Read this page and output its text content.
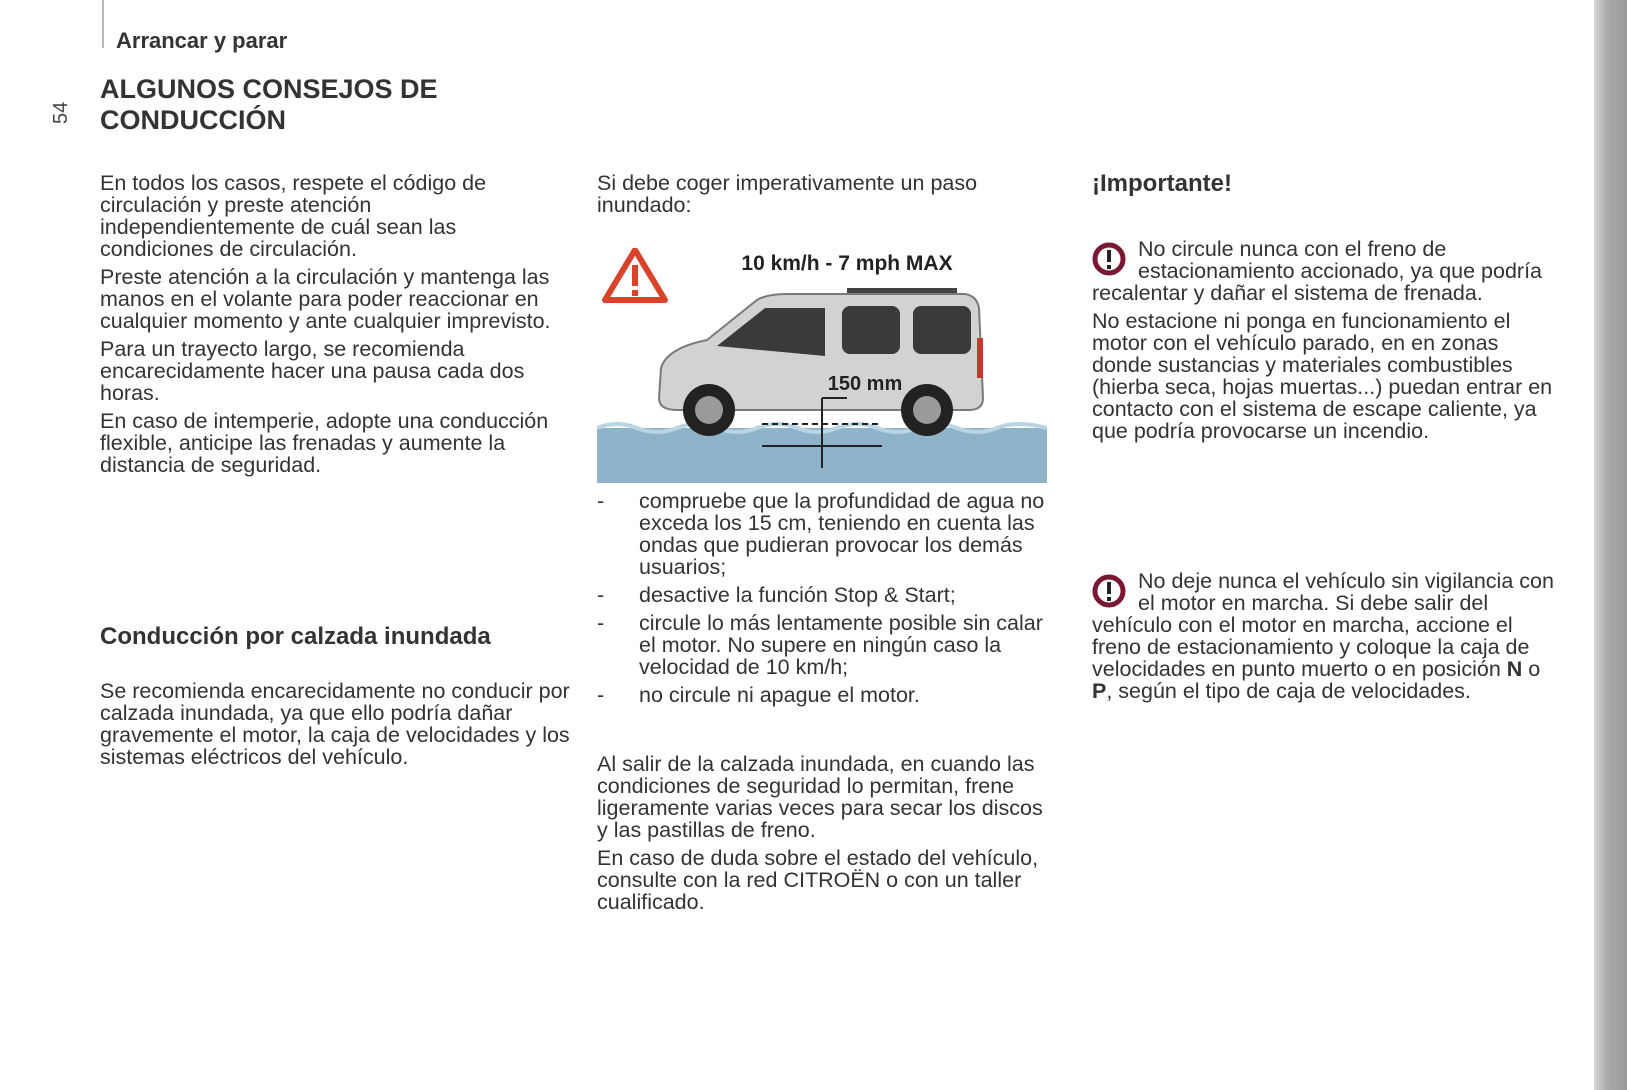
Arrancar y parar
54
ALGUNOS CONSEJOS DE
CONDUCCIÓN

En todos los casos, respete el código de circulación y preste atención independientemente de cuál sean las condiciones de circulación.

Preste atención a la circulación y mantenga las manos en el volante para poder reaccionar en cualquier momento y ante cualquier imprevisto.

Para un trayecto largo, se recomienda encarecidamente hacer una pausa cada dos horas.

En caso de intemperie, adopte una conducción flexible, anticipe las frenadas y aumente la distancia de seguridad.

Conducción por calzada inundada

Se recomienda encarecidamente no conducir por calzada inundada, ya que ello podría dañar gravemente el motor, la caja de velocidades y los sistemas eléctricos del vehículo.

Si debe coger imperativamente un paso inundado:

10 km/h - 7 mph MAX
150 mm
- compruebe que la profundidad de agua no exceda los 15 cm, teniendo en cuenta las ondas que pudieran provocar los demás usuarios;
- desactive la función Stop & Start;
- circule lo más lentamente posible sin calar el motor. No supere en ningún caso la velocidad de 10 km/h;
- no circule ni apague el motor.

Al salir de la calzada inundada, en cuando las condiciones de seguridad lo permitan, frene ligeramente varias veces para secar los discos y las pastillas de freno.

En caso de duda sobre el estado del vehículo, consulte con la red CITROËN o con un taller cualificado.

¡Importante!

No circule nunca con el freno de estacionamiento accionado, ya que podría recalentar y dañar el sistema de frenada.

No estacione ni ponga en funcionamiento el motor con el vehículo parado, en en zonas donde sustancias y materiales combustibles (hierba seca, hojas muertas...) puedan entrar en contacto con el sistema de escape caliente, ya que podría provocarse un incendio.

No deje nunca el vehículo sin vigilancia con el motor en marcha. Si debe salir del vehículo con el motor en marcha, accione el freno de estacionamiento y coloque la caja de velocidades en punto muerto o en posición N o P, según el tipo de caja de velocidades.
